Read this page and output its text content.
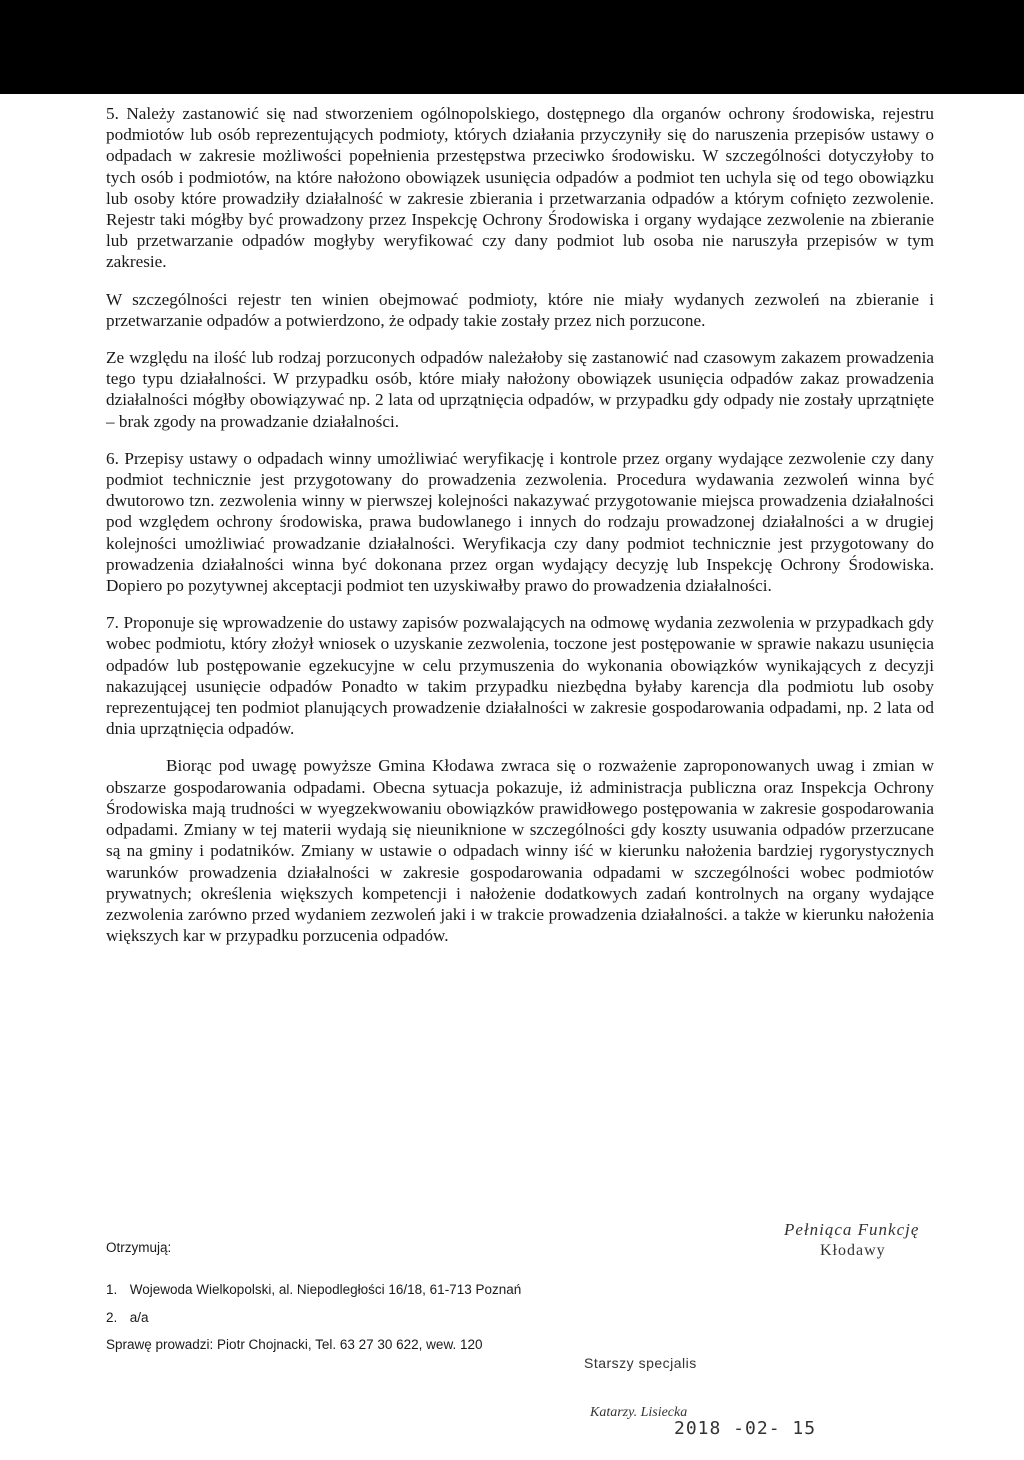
5. Należy zastanowić się nad stworzeniem ogólnopolskiego, dostępnego dla organów ochrony środowiska, rejestru podmiotów lub osób reprezentujących podmioty, których działania przyczyniły się do naruszenia przepisów ustawy o odpadach w zakresie możliwości popełnienia przestępstwa przeciwko środowisku. W szczególności dotyczyłoby to tych osób i podmiotów, na które nałożono obowiązek usunięcia odpadów a podmiot ten uchyla się od tego obowiązku lub osoby które prowadziły działalność w zakresie zbierania i przetwarzania odpadów a którym cofnięto zezwolenie. Rejestr taki mógłby być prowadzony przez Inspekcję Ochrony Środowiska i organy wydające zezwolenie na zbieranie lub przetwarzanie odpadów mogłyby weryfikować czy dany podmiot lub osoba nie naruszyła przepisów w tym zakresie.

W szczególności rejestr ten winien obejmować podmioty, które nie miały wydanych zezwoleń na zbieranie i przetwarzanie odpadów a potwierdzono, że odpady takie zostały przez nich porzucone.

Ze względu na ilość lub rodzaj porzuconych odpadów należałoby się zastanowić nad czasowym zakazem prowadzenia tego typu działalności. W przypadku osób, które miały nałożony obowiązek usunięcia odpadów zakaz prowadzenia działalności mógłby obowiązywać np. 2 lata od uprzątnięcia odpadów, w przypadku gdy odpady nie zostały uprzątnięte – brak zgody na prowadzanie działalności.

6. Przepisy ustawy o odpadach winny umożliwiać weryfikację i kontrole przez organy wydające zezwolenie czy dany podmiot technicznie jest przygotowany do prowadzenia zezwolenia. Procedura wydawania zezwoleń winna być dwutorowo tzn. zezwolenia winny w pierwszej kolejności nakazywać przygotowanie miejsca prowadzenia działalności pod względem ochrony środowiska, prawa budowlanego i innych do rodzaju prowadzonej działalności a w drugiej kolejności umożliwiać prowadzanie działalności. Weryfikacja czy dany podmiot technicznie jest przygotowany do prowadzenia działalności winna być dokonana przez organ wydający decyzję lub Inspekcję Ochrony Środowiska. Dopiero po pozytywnej akceptacji podmiot ten uzyskiwałby prawo do prowadzenia działalności.

7. Proponuje się wprowadzenie do ustawy zapisów pozwalających na odmowę wydania zezwolenia w przypadkach gdy wobec podmiotu, który złożył wniosek o uzyskanie zezwolenia, toczone jest postępowanie w sprawie nakazu usunięcia odpadów lub postępowanie egzekucyjne w celu przymuszenia do wykonania obowiązków wynikających z decyzji nakazującej usunięcie odpadów Ponadto w takim przypadku niezbędna byłaby karencja dla podmiotu lub osoby reprezentującej ten podmiot planujących prowadzenie działalności w zakresie gospodarowania odpadami, np. 2 lata od dnia uprzątnięcia odpadów.

Biorąc pod uwagę powyższe Gmina Kłodawa zwraca się o rozważenie zaproponowanych uwag i zmian w obszarze gospodarowania odpadami. Obecna sytuacja pokazuje, iż administracja publiczna oraz Inspekcja Ochrony Środowiska mają trudności w wyegzekwowaniu obowiązków prawidłowego postępowania w zakresie gospodarowania odpadami. Zmiany w tej materii wydają się nieuniknione w szczególności gdy koszty usuwania odpadów przerzucane są na gminy i podatników. Zmiany w ustawie o odpadach winny iść w kierunku nałożenia bardziej rygorystycznych warunków prowadzenia działalności w zakresie gospodarowania odpadami w szczególności wobec podmiotów prywatnych; określenia większych kompetencji i nałożenie dodatkowych zadań kontrolnych na organy wydające zezwolenia zarówno przed wydaniem zezwoleń jaki i w trakcie prowadzenia działalności. a także w kierunku nałożenia większych kar w przypadku porzucenia odpadów.

Otrzymują:
1. Wojewoda Wielkopolski, al. Niepodległości 16/18, 61-713 Poznań
2. a/a
Sprawę prowadzi: Piotr Chojnacki, Tel. 63 27 30 622, wew. 120
Pełniąca Funkcję
Kłodawy
Starszy specjalis
Katarzy. Lisiecka
2018 -02- 15
